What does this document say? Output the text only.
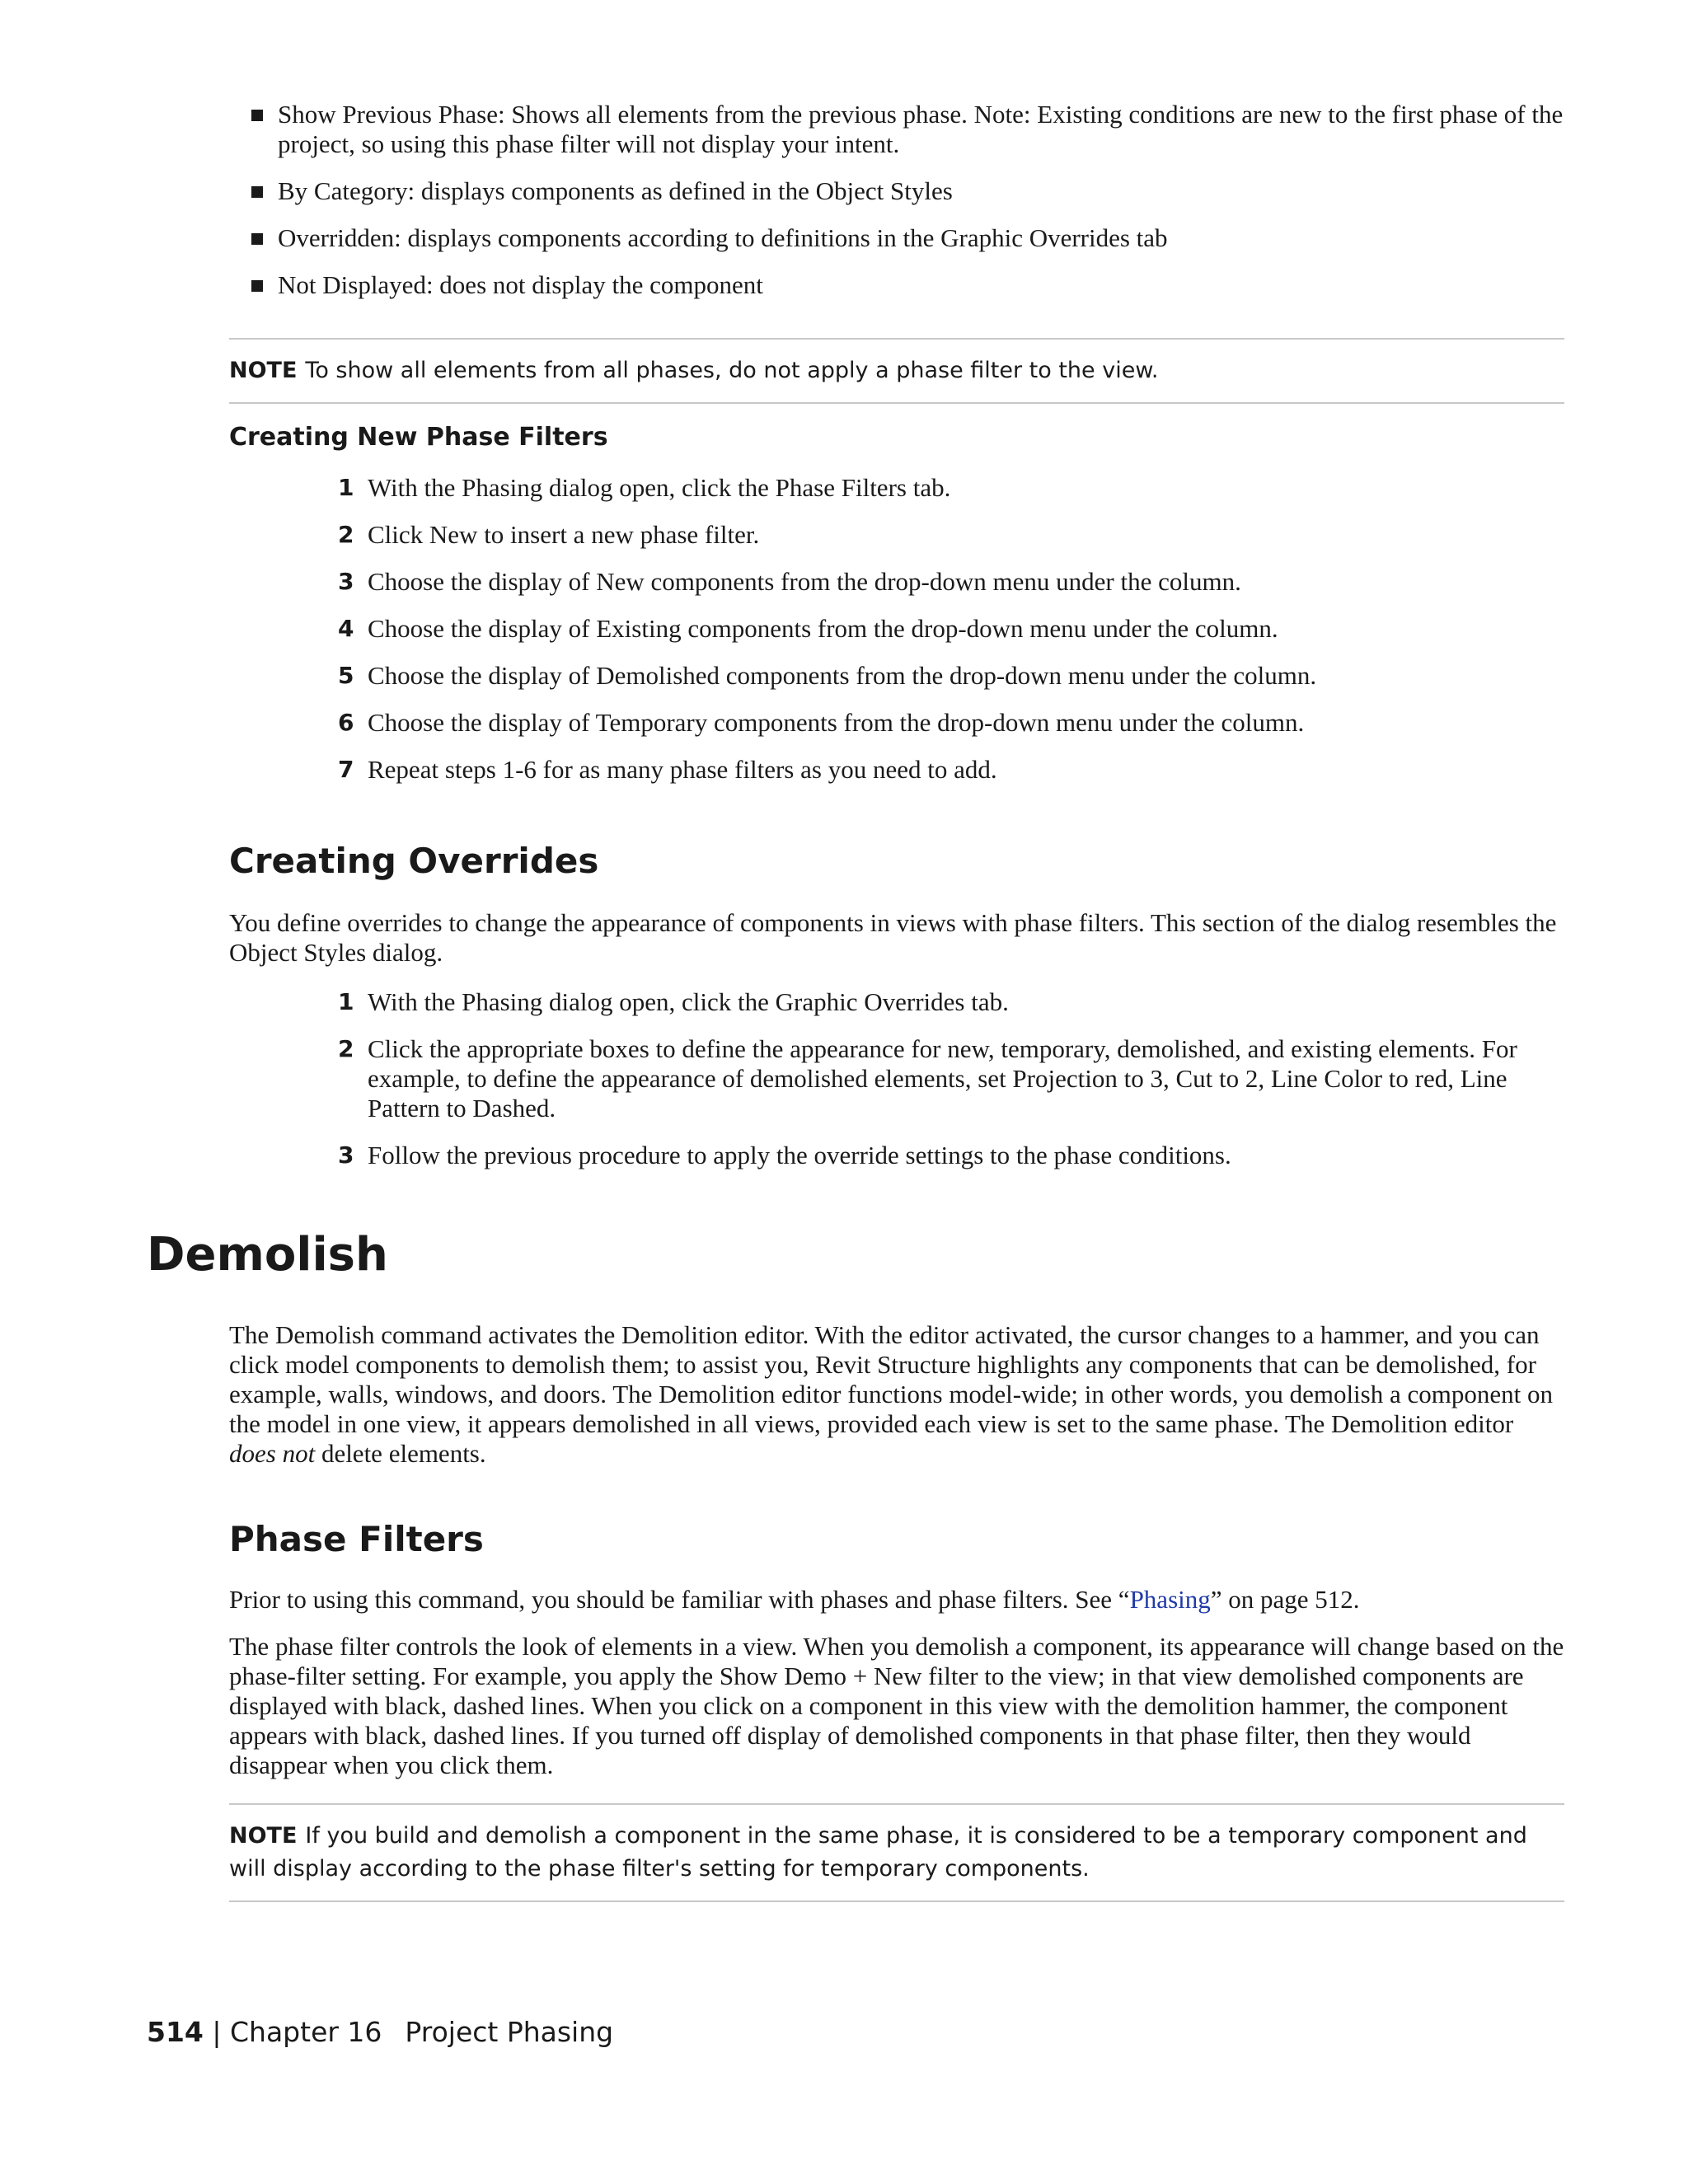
Show Previous Phase: Shows all elements from the previous phase. Note: Existing conditions are new to the first phase of the project, so using this phase filter will not display your intent.
By Category: displays components as defined in the Object Styles
Overridden: displays components according to definitions in the Graphic Overrides tab
Not Displayed: does not display the component
NOTE To show all elements from all phases, do not apply a phase filter to the view.
Creating New Phase Filters
1 With the Phasing dialog open, click the Phase Filters tab.
2 Click New to insert a new phase filter.
3 Choose the display of New components from the drop-down menu under the column.
4 Choose the display of Existing components from the drop-down menu under the column.
5 Choose the display of Demolished components from the drop-down menu under the column.
6 Choose the display of Temporary components from the drop-down menu under the column.
7 Repeat steps 1-6 for as many phase filters as you need to add.
Creating Overrides

You define overrides to change the appearance of components in views with phase filters. This section of the dialog resembles the Object Styles dialog.

1 With the Phasing dialog open, click the Graphic Overrides tab.
2 Click the appropriate boxes to define the appearance for new, temporary, demolished, and existing elements. For example, to define the appearance of demolished elements, set Projection to 3, Cut to 2, Line Color to red, Line Pattern to Dashed.
3 Follow the previous procedure to apply the override settings to the phase conditions.
Demolish

The Demolish command activates the Demolition editor. With the editor activated, the cursor changes to a hammer, and you can click model components to demolish them; to assist you, Revit Structure highlights any components that can be demolished, for example, walls, windows, and doors. The Demolition editor functions model-wide; in other words, you demolish a component on the model in one view, it appears demolished in all views, provided each view is set to the same phase. The Demolition editor does not delete elements.

Phase Filters

Prior to using this command, you should be familiar with phases and phase filters. See “Phasing” on page 512.

The phase filter controls the look of elements in a view. When you demolish a component, its appearance will change based on the phase-filter setting. For example, you apply the Show Demo + New filter to the view; in that view demolished components are displayed with black, dashed lines. When you click on a component in this view with the demolition hammer, the component appears with black, dashed lines. If you turned off display of demolished components in that phase filter, then they would disappear when you click them.

NOTE If you build and demolish a component in the same phase, it is considered to be a temporary component and will display according to the phase filter's setting for temporary components.
514 | Chapter 16 Project Phasing
